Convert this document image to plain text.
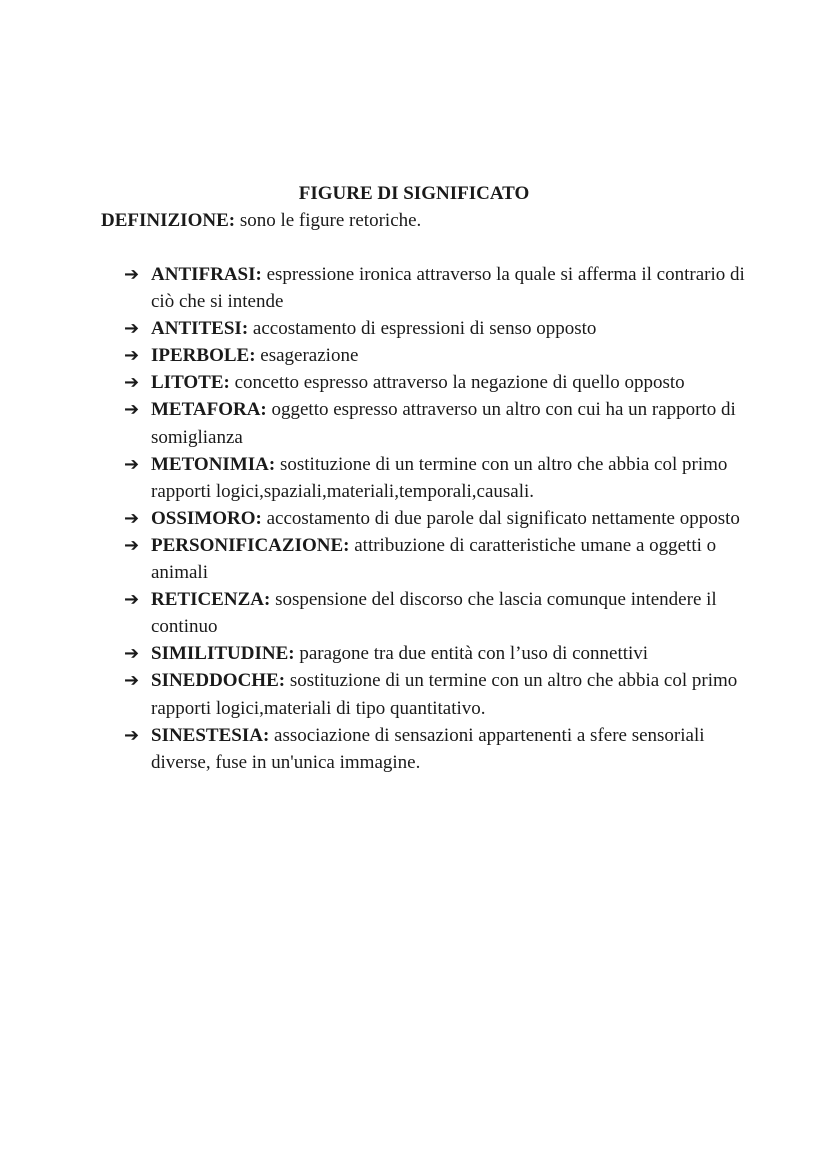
FIGURE DI SIGNIFICATO
DEFINIZIONE: sono le figure retoriche.
➔ ANTIFRASI: espressione ironica attraverso la quale si afferma il contrario di ciò che si intende
➔ ANTITESI: accostamento di espressioni di senso opposto
➔ IPERBOLE: esagerazione
➔ LITOTE: concetto espresso attraverso la negazione di quello opposto
➔ METAFORA: oggetto espresso attraverso un altro con cui ha un rapporto di somiglianza
➔ METONIMIA: sostituzione di un termine con un altro che abbia col primo rapporti logici,spaziali,materiali,temporali,causali.
➔ OSSIMORO: accostamento di due parole dal significato nettamente opposto
➔ PERSONIFICAZIONE: attribuzione di caratteristiche umane a oggetti o animali
➔ RETICENZA: sospensione del discorso che lascia comunque intendere il continuo
➔ SIMILITUDINE: paragone tra due entità con l’uso di connettivi
➔ SINEDDOCHE: sostituzione di un termine con un altro che abbia col primo rapporti logici,materiali di tipo quantitativo.
➔ SINESTESIA: associazione di sensazioni appartenenti a sfere sensoriali diverse, fuse in un'unica immagine.
